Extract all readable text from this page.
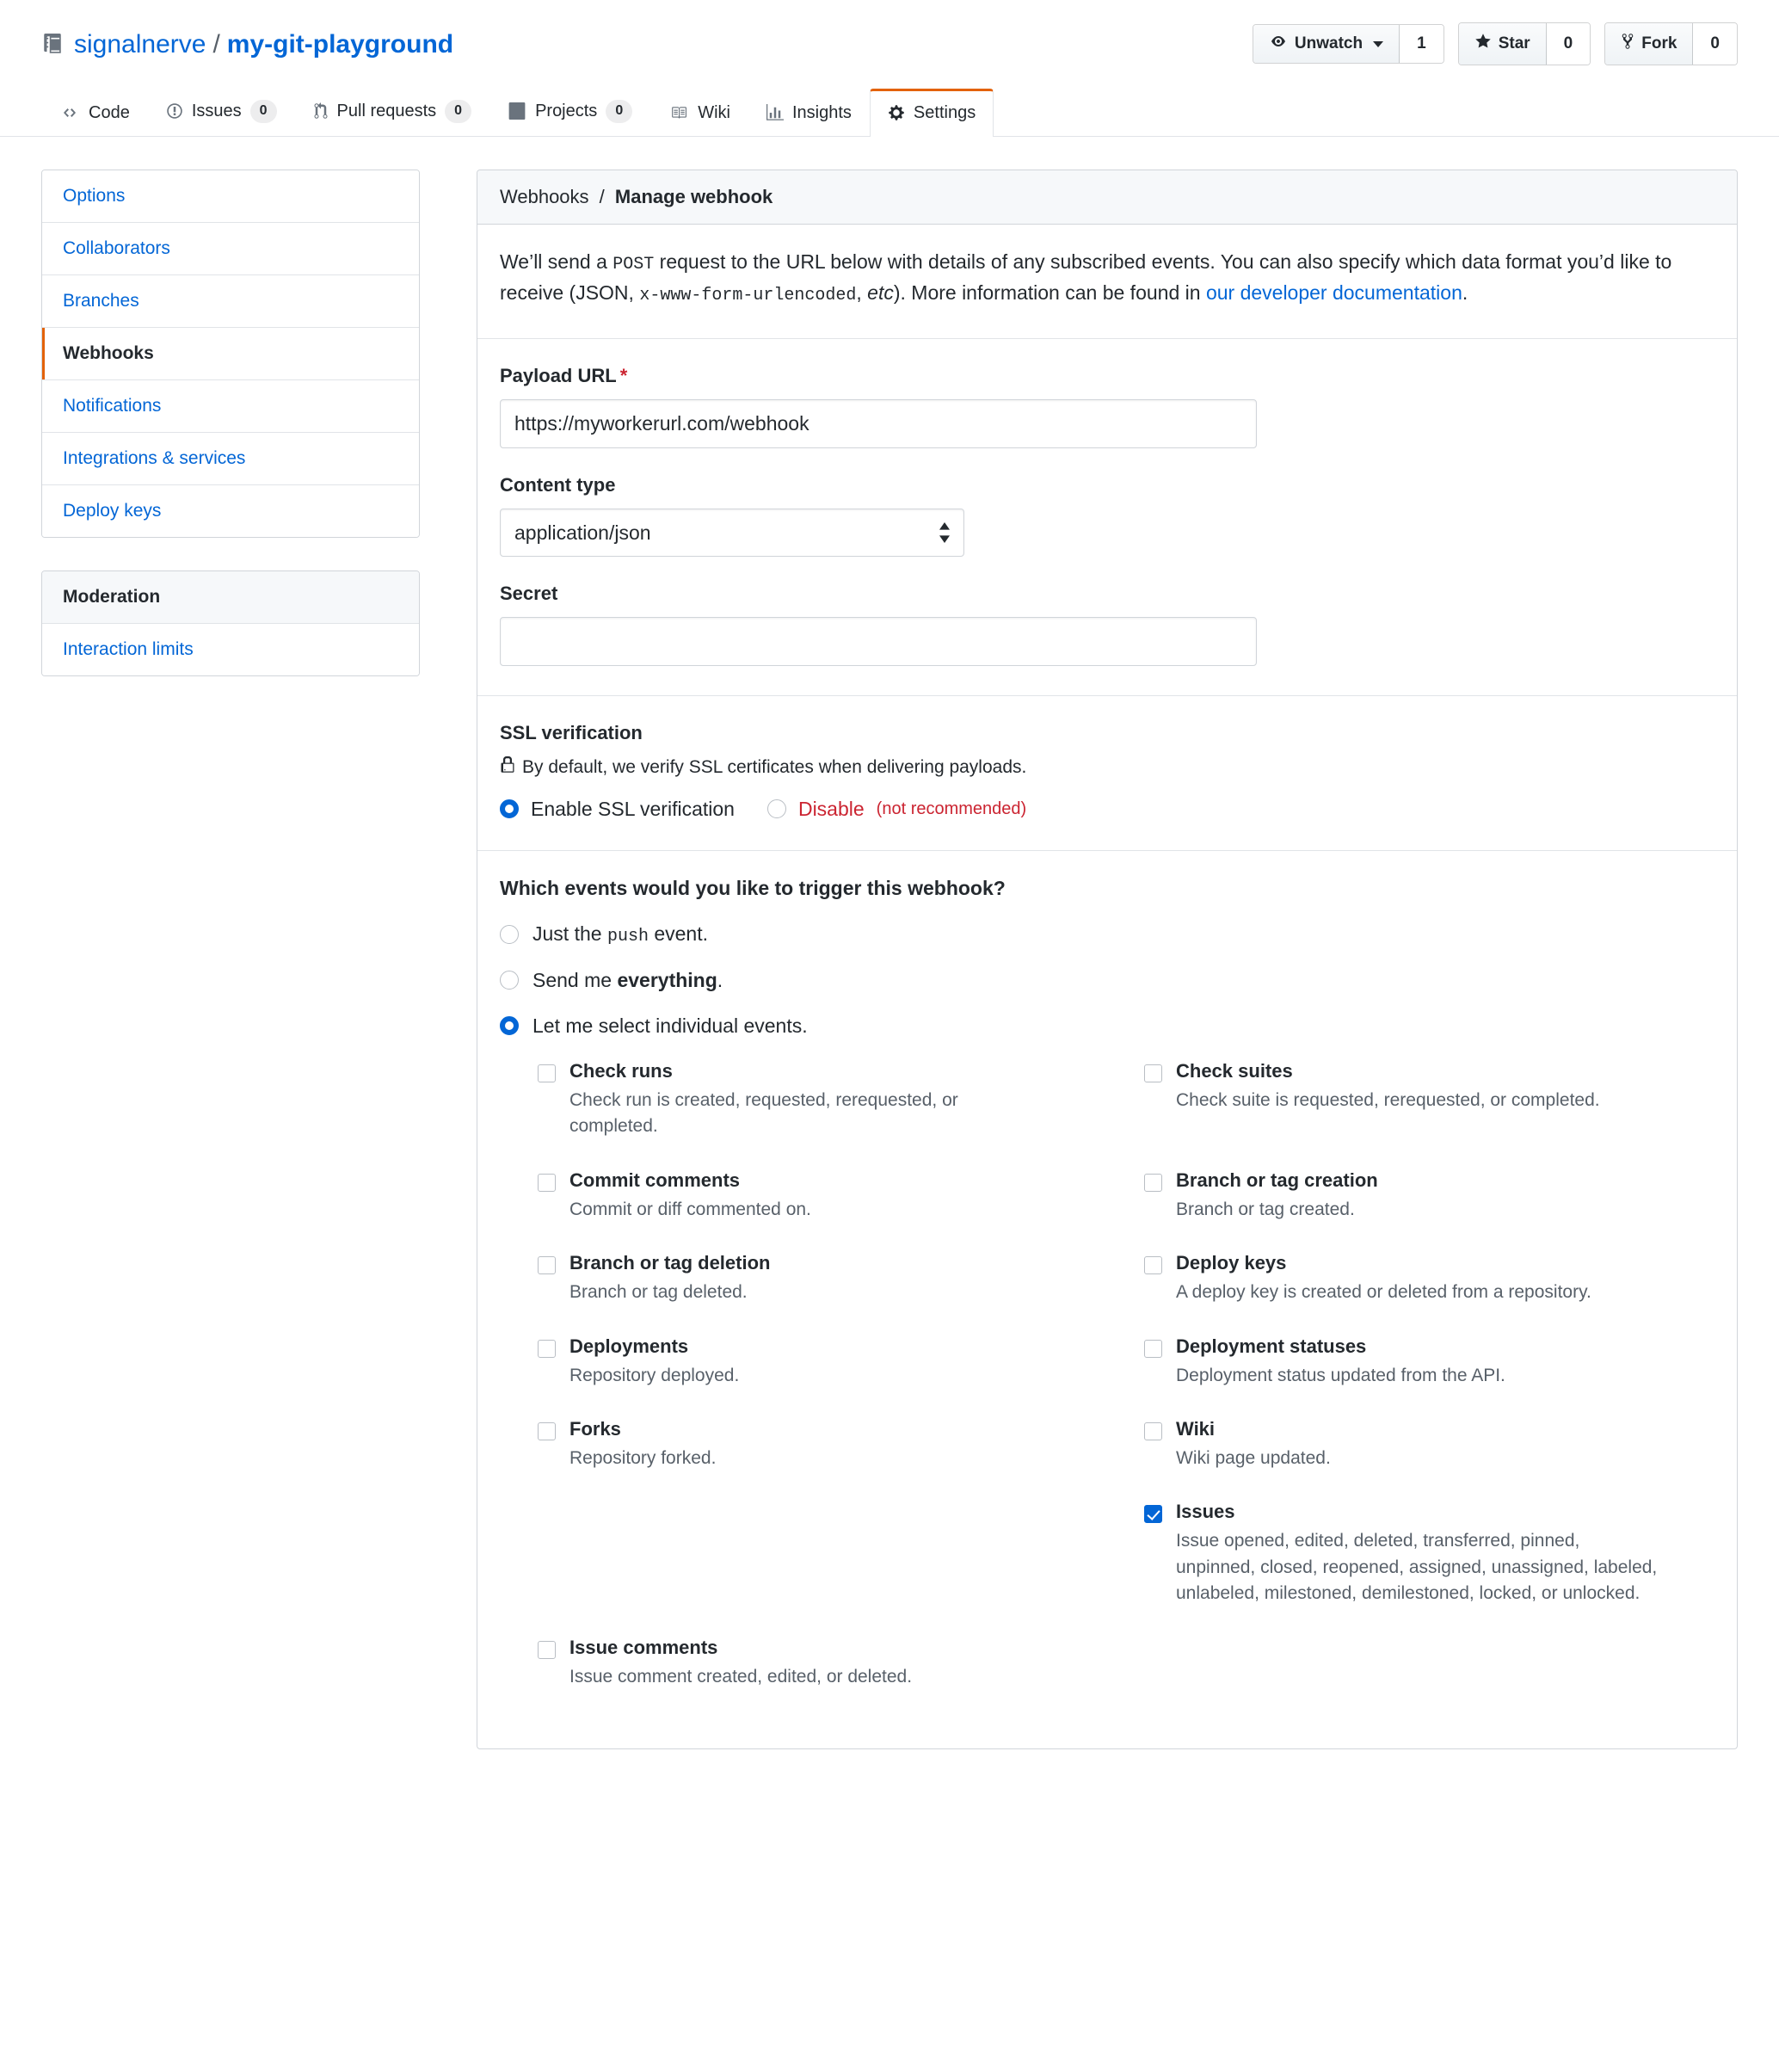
signalnerve / my-git-playground	Unwatch	1	Star	0	Fork	0
Code	Issues	0	Pull requests	0	Projects	0	Wiki	Insights	Settings
Options
Collaborators
Branches
Webhooks
Notifications
Integrations & services
Deploy keys
Moderation
Interaction limits
Webhooks / Manage webhook

We’ll send a POST request to the URL below with details of any subscribed events. You can also specify which data format you’d like to receive (JSON, x-www-form-urlencoded, etc). More information can be found in our developer documentation.

Payload URL *
https://myworkerurl.com/webhook
Content type
application/json
Secret
SSL verification
By default, we verify SSL certificates when delivering payloads.
Enable SSL verification	Disable (not recommended)
Which events would you like to trigger this webhook?
Just the push event.
Send me everything.
Let me select individual events.
Check runs
Check run is created, requested, rerequested, or completed.
Check suites
Check suite is requested, rerequested, or completed.
Commit comments
Commit or diff commented on.
Branch or tag creation
Branch or tag created.
Branch or tag deletion
Branch or tag deleted.
Deploy keys
A deploy key is created or deleted from a repository.
Deployments
Repository deployed.
Deployment statuses
Deployment status updated from the API.
Forks
Repository forked.
Wiki
Wiki page updated.
Issues
Issue opened, edited, deleted, transferred, pinned, unpinned, closed, reopened, assigned, unassigned, labeled, unlabeled, milestoned, demilestoned, locked, or unlocked.
Issue comments
Issue comment created, edited, or deleted.
